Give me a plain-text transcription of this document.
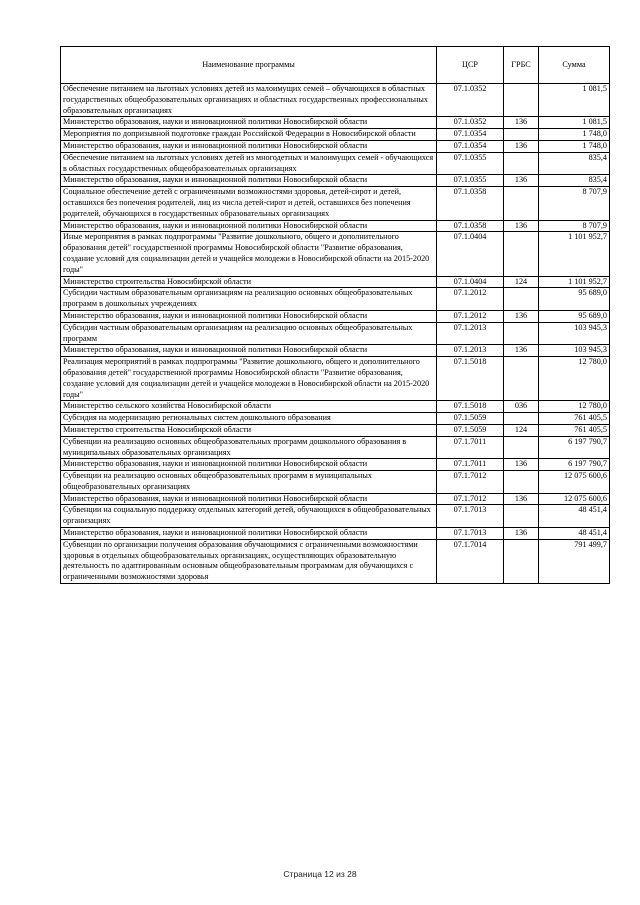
Наименование программы	ЦСР	ГРБС	Сумма
Обеспечение питанием на льготных условиях детей из малоимущих семей – обучающихся в областных государственных общеобразовательных организациях и областных государственных профессиональных образовательных организациях	07.1.0352		1 081,5
Министерство образования, науки и инновационной политики Новосибирской области	07.1.0352	136	1 081,5
Мероприятия по допризывной подготовке граждан Российской Федерации в Новосибирской области	07.1.0354		1 748,0
Министерство образования, науки и инновационной политики Новосибирской области	07.1.0354	136	1 748,0
Обеспечение питанием на льготных условиях детей из многодетных и малоимущих семей - обучающихся в областных государственных общеобразовательных организациях	07.1.0355		835,4
Министерство образования, науки и инновационной политики Новосибирской области	07.1.0355	136	835,4
Социальное обеспечение детей с ограниченными возможностями здоровья, детей-сирот и детей, оставшихся без попечения родителей, лиц из числа детей-сирот и детей, оставшихся без попечения родителей, обучающихся в государственных образовательных организациях	07.1.0358		8 707,9
Министерство образования, науки и инновационной политики Новосибирской области	07.1.0358	136	8 707,9
Иные мероприятия в рамках подпрограммы "Развитие дошкольного, общего и дополнительного образования детей" государственной программы Новосибирской области "Развитие образования, создание условий для социализации детей и учащейся молодежи в Новосибирской области на 2015-2020 годы"	07.1.0404		1 101 952,7
Министерство строительства Новосибирской области	07.1.0404	124	1 101 952,7
Субсидии частным образовательным организациям на реализацию основных общеобразовательных программ в дошкольных учреждениях	07.1.2012		95 689,0
Министерство образования, науки и инновационной политики Новосибирской области	07.1.2012	136	95 689,0
Субсидии частным образовательным организациям на реализацию основных общеобразовательных программ	07.1.2013		103 945,3
Министерство образования, науки и инновационной политики Новосибирской области	07.1.2013	136	103 945,3
Реализация мероприятий в рамках подпрограммы "Развитие дошкольного, общего и дополнительного образования детей" государственной программы Новосибирской области "Развитие образования, создание условий для социализации детей и учащейся молодежи в Новосибирской области на 2015-2020 годы"	07.1.5018		12 780,0
Министерство сельского хозяйства Новосибирской области	07.1.5018	036	12 780,0
Субсидия на модернизацию региональных систем дошкольного образования	07.1.5059		761 405,5
Министерство строительства Новосибирской области	07.1.5059	124	761 405,5
Субвенции на реализацию основных общеобразовательных программ дошкольного образования в муниципальных образовательных организациях	07.1.7011		6 197 790,7
Министерство образования, науки и инновационной политики Новосибирской области	07.1.7011	136	6 197 790,7
Субвенции на реализацию основных общеобразовательных программ в муниципальных общеобразовательных организациях	07.1.7012		12 075 600,6
Министерство образования, науки и инновационной политики Новосибирской области	07.1.7012	136	12 075 600,6
Субвенции на социальную поддержку отдельных категорий детей, обучающихся в общеобразовательных организациях	07.1.7013		48 451,4
Министерство образования, науки и инновационной политики Новосибирской области	07.1.7013	136	48 451,4
Субвенции по организации получения образования обучающимися с ограниченными возможностями здоровья в отдельных общеобразовательных организациях, осуществляющих образовательную деятельность по адаптированным основным общеобразовательным программам для обучающихся с ограниченными возможностями здоровья	07.1.7014		791 499,7
Страница 12 из 28
